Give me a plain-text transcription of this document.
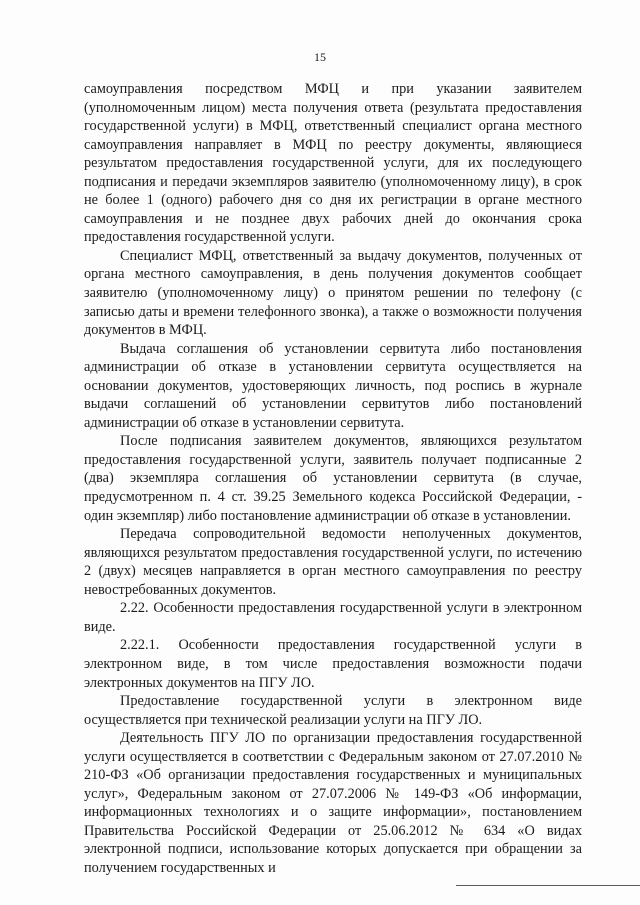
15

самоуправления посредством МФЦ и при указании заявителем (уполномоченным лицом) места получения ответа (результата предоставления государственной услуги) в МФЦ, ответственный специалист органа местного самоуправления направляет в МФЦ по реестру документы, являющиеся результатом предоставления государственной услуги, для их последующего подписания и передачи экземпляров заявителю (уполномоченному лицу), в срок не более 1 (одного) рабочего дня со дня их регистрации в органе местного самоуправления и не позднее двух рабочих дней до окончания срока предоставления государственной услуги.

Специалист МФЦ, ответственный за выдачу документов, полученных от органа местного самоуправления, в день получения документов сообщает заявителю (уполномоченному лицу) о принятом решении по телефону (с записью даты и времени телефонного звонка), а также о возможности получения документов в МФЦ.

Выдача соглашения об установлении сервитута либо постановления администрации об отказе в установлении сервитута осуществляется на основании документов, удостоверяющих личность, под роспись в журнале выдачи соглашений об установлении сервитутов либо постановлений администрации об отказе в установлении сервитута.

После подписания заявителем документов, являющихся результатом предоставления государственной услуги, заявитель получает подписанные 2 (два) экземпляра соглашения об установлении сервитута (в случае, предусмотренном п. 4 ст. 39.25 Земельного кодекса Российской Федерации, - один экземпляр) либо постановление администрации об отказе в установлении.

Передача сопроводительной ведомости неполученных документов, являющихся результатом предоставления государственной услуги, по истечению 2 (двух) месяцев направляется в орган местного самоуправления по реестру невостребованных документов.

2.22. Особенности предоставления государственной услуги в электронном виде.

2.22.1. Особенности предоставления государственной услуги в электронном виде, в том числе предоставления возможности подачи электронных документов на ПГУ ЛО.

Предоставление государственной услуги в электронном виде осуществляется при технической реализации услуги на ПГУ ЛО.

Деятельность ПГУ ЛО по организации предоставления государственной услуги осуществляется в соответствии с Федеральным законом от 27.07.2010 № 210-ФЗ «Об организации предоставления государственных и муниципальных услуг», Федеральным законом от 27.07.2006 № 149-ФЗ «Об информации, информационных технологиях и о защите информации», постановлением Правительства Российской Федерации от 25.06.2012 № 634 «О видах электронной подписи, использование которых допускается при обращении за получением государственных и
